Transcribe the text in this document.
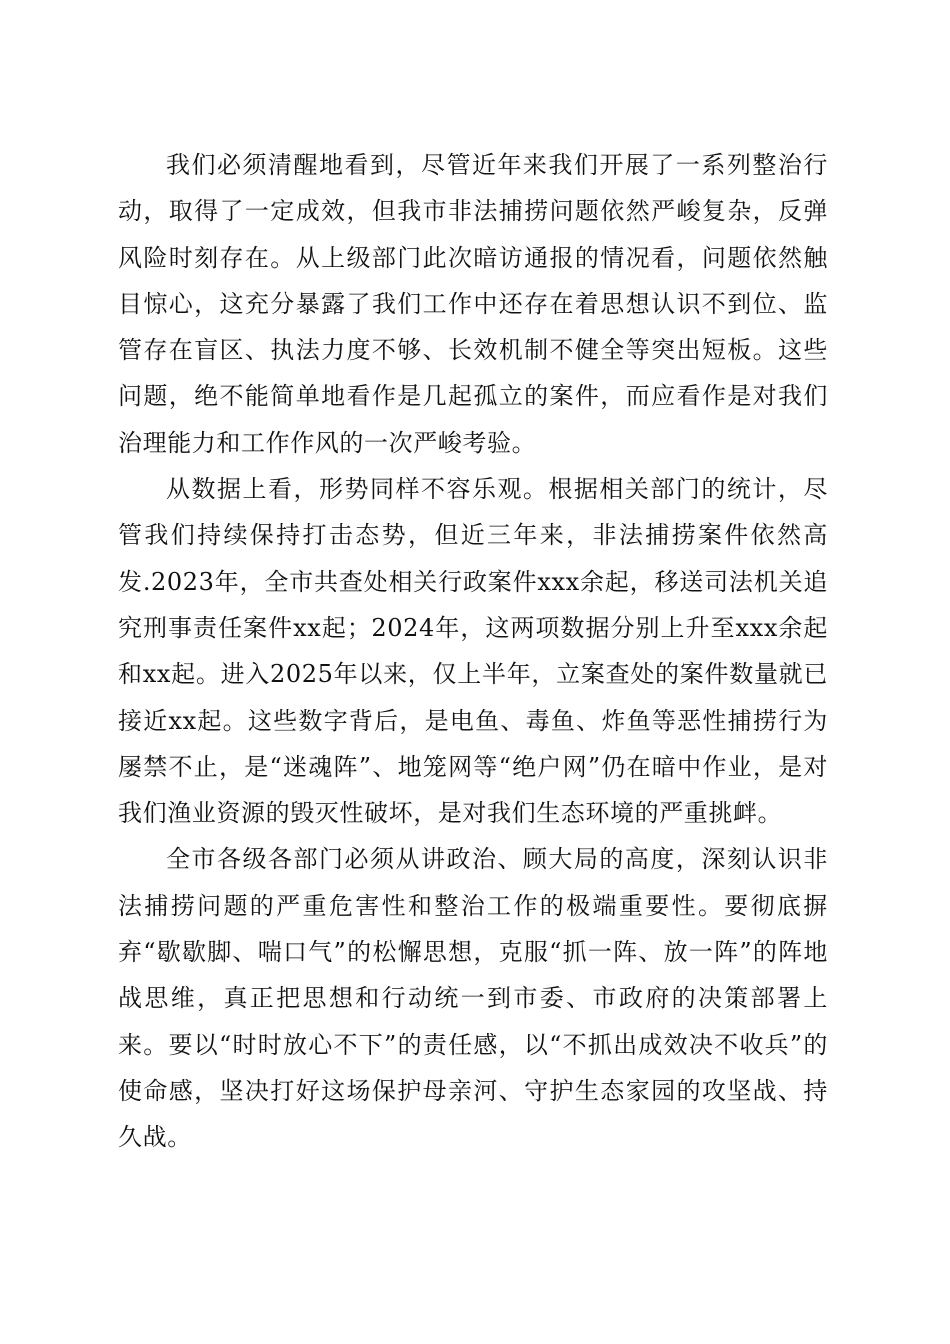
我们必须清醒地看到，尽管近年来我们开展了一系列整治行动，取得了一定成效，但我市非法捕捞问题依然严峻复杂，反弹风险时刻存在。从上级部门此次暗访通报的情况看，问题依然触目惊心，这充分暴露了我们工作中还存在着思想认识不到位、监管存在盲区、执法力度不够、长效机制不健全等突出短板。这些问题，绝不能简单地看作是几起孤立的案件，而应看作是对我们治理能力和工作作风的一次严峻考验。

从数据上看，形势同样不容乐观。根据相关部门的统计，尽管我们持续保持打击态势，但近三年来，非法捕捞案件依然高发.2023年，全市共查处相关行政案件xxx余起，移送司法机关追究刑事责任案件xx起；2024年，这两项数据分别上升至xxx余起和xx起。进入2025年以来，仅上半年，立案查处的案件数量就已接近xx起。这些数字背后，是电鱼、毒鱼、炸鱼等恶性捕捞行为屡禁不止，是“迷魂阵”、地笼网等“绝户网”仍在暗中作业，是对我们渔业资源的毁灭性破坏，是对我们生态环境的严重挑衅。

全市各级各部门必须从讲政治、顾大局的高度，深刻认识非法捕捞问题的严重危害性和整治工作的极端重要性。要彻底摒弃“歇歇脚、喘口气”的松懈思想，克服“抓一阵、放一阵”的阵地战思维，真正把思想和行动统一到市委、市政府的决策部署上来。要以“时时放心不下”的责任感，以“不抓出成效决不收兵”的使命感，坚决打好这场保护母亲河、守护生态家园的攻坚战、持久战。
